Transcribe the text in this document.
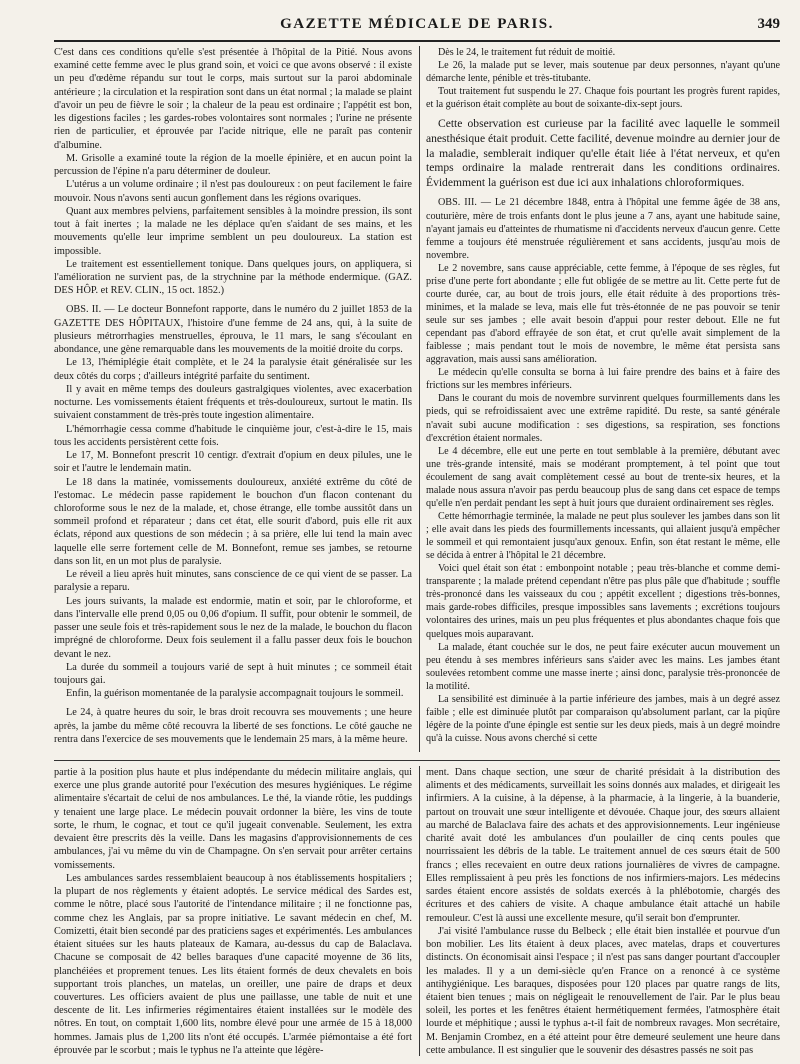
GAZETTE MÉDICALE DE PARIS.	349

C'est dans ces conditions qu'elle s'est présentée à l'hôpital de la Pitié. Nous avons examiné cette femme avec le plus grand soin, et voici ce que avons observé : il existe un peu d'œdème répandu sur tout le corps, mais surtout sur la paroi abdominale antérieure ; la circulation et la respiration sont dans un état normal ; la malade se plaint d'avoir un peu de fièvre le soir ; la chaleur de la peau est ordinaire ; l'appétit est bon, les digestions faciles ; les gardes-robes volontaires sont normales ; l'urine ne présente rien de particulier, et éprouvée par l'acide nitrique, elle ne paraît pas contenir d'albumine.

M. Grisolle a examiné toute la région de la moelle épinière, et en aucun point la percussion de l'épine n'a paru déterminer de douleur.

L'utérus a un volume ordinaire ; il n'est pas douloureux : on peut facilement le faire mouvoir. Nous n'avons senti aucun gonflement dans les régions ovariques.

Quant aux membres pelviens, parfaitement sensibles à la moindre pression, ils sont tout à fait inertes ; la malade ne les déplace qu'en s'aidant de ses mains, et les mouvements qu'elle leur imprime semblent un peu douloureux. La station est impossible.

Le traitement est essentiellement tonique. Dans quelques jours, on appliquera, si l'amélioration ne survient pas, de la strychnine par la méthode endermique. (GAZ. DES HÔP. et REV. CLIN., 15 oct. 1852.)

OBS. II. — Le docteur Bonnefont rapporte, dans le numéro du 2 juillet 1853 de la GAZETTE DES HÔPITAUX, l'histoire d'une femme de 24 ans, qui, à la suite de plusieurs métrorrhagies menstruelles, éprouva, le 11 mars, le sang s'écoulant en abondance, une gène remarquable dans les mouvements de la moitié droite du corps.

Le 13, l'hémiplégie était complète, et le 24 la paralysie était généralisée sur les deux côtés du corps ; d'ailleurs intégrité parfaite du sentiment.

Il y avait en même temps des douleurs gastralgiques violentes, avec exacerbation nocturne. Les vomissements étaient fréquents et très-douloureux, surtout le matin. Ils suivaient constamment de très-près toute ingestion alimentaire.

L'hémorrhagie cessa comme d'habitude le cinquième jour, c'est-à-dire le 15, mais tous les accidents persistèrent cette fois.

Le 17, M. Bonnefont prescrit 10 centigr. d'extrait d'opium en deux pilules, une le soir et l'autre le lendemain matin.

Le 18 dans la matinée, vomissements douloureux, anxiété extrême du côté de l'estomac. Le médecin passe rapidement le bouchon d'un flacon contenant du chloroforme sous le nez de la malade, et, chose étrange, elle tombe aussitôt dans un sommeil profond et réparateur ; dans cet état, elle sourit d'abord, puis elle rit aux éclats, répond aux questions de son médecin ; à sa prière, elle lui tend la main avec laquelle elle serre fortement celle de M. Bonnefont, remue ses jambes, se retourne dans son lit, en un mot plus de paralysie.

Le réveil a lieu après huit minutes, sans conscience de ce qui vient de se passer. La paralysie a reparu.

Les jours suivants, la malade est endormie, matin et soir, par le chloroforme, et dans l'intervalle elle prend 0,05 ou 0,06 d'opium. Il suffit, pour obtenir le sommeil, de passer une seule fois et très-rapidement sous le nez de la malade, le bouchon du flacon imprégné de chloroforme. Deux fois seulement il a fallu passer deux fois le bouchon devant le nez.

La durée du sommeil a toujours varié de sept à huit minutes ; ce sommeil était toujours gai.

Enfin, la guérison momentanée de la paralysie accompagnait toujours le sommeil.

Le 24, à quatre heures du soir, le bras droit recouvra ses mouvements ; une heure après, la jambe du même côté recouvra la liberté de ses fonctions. Le côté gauche ne rentra dans l'exercice de ses mouvements que le lendemain 25 mars, à la même heure.

Dès le 24, le traitement fut réduit de moitié.

Le 26, la malade put se lever, mais soutenue par deux personnes, n'ayant qu'une démarche lente, pénible et très-titubante.

Tout traitement fut suspendu le 27. Chaque fois pourtant les progrès furent rapides, et la guérison était complète au bout de soixante-dix-sept jours.

Cette observation est curieuse par la facilité avec laquelle le sommeil anesthésique était produit. Cette facilité, devenue moindre au dernier jour de la maladie, semblerait indiquer qu'elle était liée à l'état nerveux, et qu'en temps ordinaire la malade rentrerait dans les conditions ordinaires. Évidemment la guérison est due ici aux inhalations chloroformiques.

OBS. III. — Le 21 décembre 1848, entra à l'hôpital une femme âgée de 38 ans, couturière, mère de trois enfants dont le plus jeune a 7 ans, ayant une habitude saine, n'ayant jamais eu d'atteintes de rhumatisme ni d'accidents nerveux d'aucun genre. Cette femme a toujours été menstruée régulièrement et sans accidents, jusqu'au mois de novembre.

Le 2 novembre, sans cause appréciable, cette femme, à l'époque de ses règles, fut prise d'une perte fort abondante ; elle fut obligée de se mettre au lit. Cette perte fut de courte durée, car, au bout de trois jours, elle était réduite à des proportions très-minimes, et la malade se leva, mais elle fut très-étonnée de ne pas pouvoir se tenir seule sur ses jambes ; elle avait besoin d'appui pour rester debout. Elle ne fut cependant pas d'abord effrayée de son état, et crut qu'elle avait simplement de la faiblesse ; mais pendant tout le mois de novembre, le même état persista sans aggravation, mais aussi sans amélioration.

Le médecin qu'elle consulta se borna à lui faire prendre des bains et à faire des frictions sur les membres inférieurs.

Dans le courant du mois de novembre survinrent quelques fourmillements dans les pieds, qui se refroidissaient avec une extrême rapidité. Du reste, sa santé générale n'avait subi aucune modification : ses digestions, sa respiration, ses fonctions d'excrétion étaient normales.

Le 4 décembre, elle eut une perte en tout semblable à la première, débutant avec une très-grande intensité, mais se modérant promptement, à tel point que tout écoulement de sang avait complètement cessé au bout de trente-six heures, et la malade nous assura n'avoir pas perdu beaucoup plus de sang dans cet espace de temps qu'elle n'en perdait pendant les sept à huit jours que duraient ordinairement ses règles.

Cette hémorrhagie terminée, la malade ne peut plus soulever les jambes dans son lit ; elle avait dans les pieds des fourmillements incessants, qui allaient jusqu'à empêcher le sommeil et qui remontaient jusqu'aux genoux. Enfin, son état restant le même, elle se décida à entrer à l'hôpital le 21 décembre.

Voici quel était son état : embonpoint notable ; peau très-blanche et comme demi-transparente ; la malade prétend cependant n'être pas plus pâle que d'habitude ; souffle très-prononcé dans les vaisseaux du cou ; appétit excellent ; digestions très-bonnes, mais garde-robes difficiles, presque impossibles sans lavements ; excrétions toujours volontaires des urines, mais un peu plus fréquentes et plus abondantes chaque fois que quelques mois auparavant.

La malade, étant couchée sur le dos, ne peut faire exécuter aucun mouvement un peu étendu à ses membres inférieurs sans s'aider avec les mains. Les jambes étant soulevées retombent comme une masse inerte ; ainsi donc, paralysie très-prononcée de la motilité.

La sensibilité est diminuée à la partie inférieure des jambes, mais à un degré assez faible ; elle est diminuée plutôt par comparaison qu'absolument parlant, car la piqûre légère de la pointe d'une épingle est sentie sur les deux pieds, mais à un degré moindre qu'à la cuisse. Nous avons cherché si cette

partie à la position plus haute et plus indépendante du médecin militaire anglais, qui exerce une plus grande autorité pour l'exécution des mesures hygiéniques. Le régime alimentaire s'écartait de celui de nos ambulances. Le thé, la viande rôtie, les puddings y tenaient une large place. Le médecin pouvait ordonner la bière, les vins de toute sorte, le rhum, le cognac, et tout ce qu'il jugeait convenable. Seulement, les extra devaient être prescrits dès la veille. Dans les magasins d'approvisionnements de ces ambulances, j'ai vu même du vin de Champagne. On s'en servait pour arrêter certains vomissements.

Les ambulances sardes ressemblaient beaucoup à nos établissements hospitaliers ; la plupart de nos règlements y étaient adoptés. Le service médical des Sardes est, comme le nôtre, placé sous l'autorité de l'intendance militaire ; il ne fonctionne pas, comme chez les Anglais, par sa propre initiative. Le savant médecin en chef, M. Comizetti, était bien secondé par des praticiens sages et expérimentés. Les ambulances étaient situées sur les hauts plateaux de Kamara, au-dessus du cap de Balaclava. Chacune se composait de 42 belles baraques d'une capacité moyenne de 36 lits, planchéiées et proprement tenues. Les lits étaient formés de deux chevalets en bois supportant trois planches, un matelas, un oreiller, une paire de draps et deux couvertures. Les officiers avaient de plus une paillasse, une table de nuit et une descente de lit. Les infirmeries régimentaires étaient installées sur le modèle des nôtres. En tout, on comptait 1,600 lits, nombre élevé pour une armée de 15 à 18,000 hommes. Jamais plus de 1,200 lits n'ont été occupés. L'armée piémontaise a été fort éprouvée par le scorbut ; mais le typhus ne l'a atteinte que légère-

ment. Dans chaque section, une sœur de charité présidait à la distribution des aliments et des médicaments, surveillait les soins donnés aux malades, et dirigeait les infirmiers. A la cuisine, à la dépense, à la pharmacie, à la lingerie, à la buanderie, partout on trouvait une sœur intelligente et dévouée. Chaque jour, des sœurs allaient au marché de Balaclava faire des achats et des approvisionnements. Leur ingénieuse charité avait doté les ambulances d'un poulailler de cinq cents poules que nourrissaient les débris de la table. Le traitement annuel de ces sœurs était de 500 francs ; elles recevaient en outre deux rations journalières de vivres de campagne. Elles remplissaient à peu près les fonctions de nos infirmiers-majors. Les médecins sardes étaient encore assistés de soldats exercés à la phlébotomie, chargés des écritures et des cahiers de visite. A chaque ambulance était attaché un habile remouleur. C'est là aussi une excellente mesure, qu'il serait bon d'emprunter.

J'ai visité l'ambulance russe du Belbeck ; elle était bien installée et pourvue d'un bon mobilier. Les lits étaient à deux places, avec matelas, draps et couvertures distincts. On économisait ainsi l'espace ; il n'est pas sans danger pourtant d'accoupler les malades. Il y a un demi-siècle qu'en France on a renoncé à ce système antihygiénique. Les baraques, disposées pour 120 places par quatre rangs de lits, étaient bien tenues ; mais on négligeait le renouvellement de l'air. Par le plus beau soleil, les portes et les fenêtres étaient hermétiquement fermées, l'atmosphère était lourde et méphitique ; aussi le typhus a-t-il fait de nombreux ravages. Mon secrétaire, M. Benjamin Crombez, en a été atteint pour être demeuré seulement une heure dans cette ambulance. Il est singulier que le souvenir des désastres passés ne soit pas
